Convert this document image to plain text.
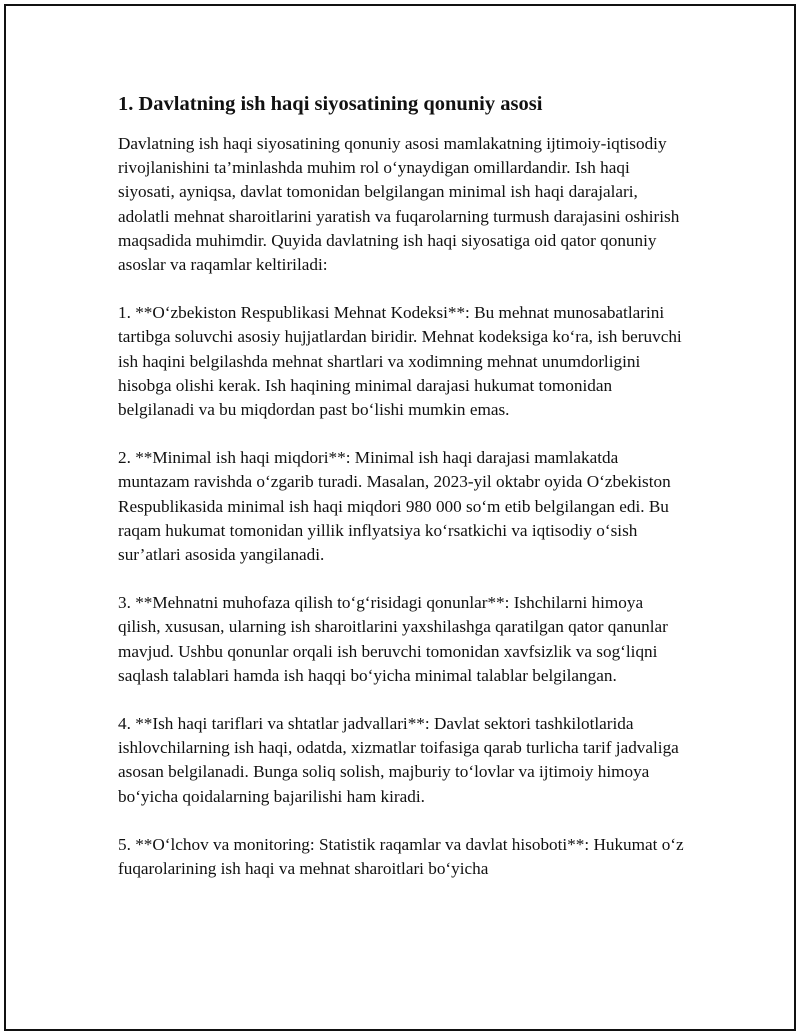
1. Davlatning ish haqi siyosatining qonuniy asosi

Davlatning ish haqi siyosatining qonuniy asosi mamlakatning ijtimoiy-iqtisodiy rivojlanishini ta’minlashda muhim rol o‘ynaydigan omillardandir. Ish haqi siyosati, ayniqsa, davlat tomonidan belgilangan minimal ish haqi darajalari, adolatli mehnat sharoitlarini yaratish va fuqarolarning turmush darajasini oshirish maqsadida muhimdir. Quyida davlatning ish haqi siyosatiga oid qator qonuniy asoslar va raqamlar keltiriladi:

1. **O‘zbekiston Respublikasi Mehnat Kodeksi**: Bu mehnat munosabatlarini tartibga soluvchi asosiy hujjatlardan biridir. Mehnat kodeksiga ko‘ra, ish beruvchi ish haqini belgilashda mehnat shartlari va xodimning mehnat unumdorligini hisobga olishi kerak. Ish haqining minimal darajasi hukumat tomonidan belgilanadi va bu miqdordan past bo‘lishi mumkin emas.

2. **Minimal ish haqi miqdori**: Minimal ish haqi darajasi mamlakatda muntazam ravishda o‘zgarib turadi. Masalan, 2023-yil oktabr oyida O‘zbekiston Respublikasida minimal ish haqi miqdori 980 000 so‘m etib belgilangan edi. Bu raqam hukumat tomonidan yillik inflyatsiya ko‘rsatkichi va iqtisodiy o‘sish sur’atlari asosida yangilanadi.

3. **Mehnatni muhofaza qilish to‘g‘risidagi qonunlar**: Ishchilarni himoya qilish, xususan, ularning ish sharoitlarini yaxshilashga qaratilgan qator qanunlar mavjud. Ushbu qonunlar orqali ish beruvchi tomonidan xavfsizlik va sog‘liqni saqlash talablari hamda ish haqqi bo‘yicha minimal talablar belgilangan.

4. **Ish haqi tariflari va shtatlar jadvallari**: Davlat sektori tashkilotlarida ishlovchilarning ish haqi, odatda, xizmatlar toifasiga qarab turlicha tarif jadvaliga asosan belgilanadi. Bunga soliq solish, majburiy to‘lovlar va ijtimoiy himoya bo‘yicha qoidalarning bajarilishi ham kiradi.

5. **O‘lchov va monitoring: Statistik raqamlar va davlat hisoboti**: Hukumat o‘z fuqarolarining ish haqi va mehnat sharoitlari bo‘yicha
